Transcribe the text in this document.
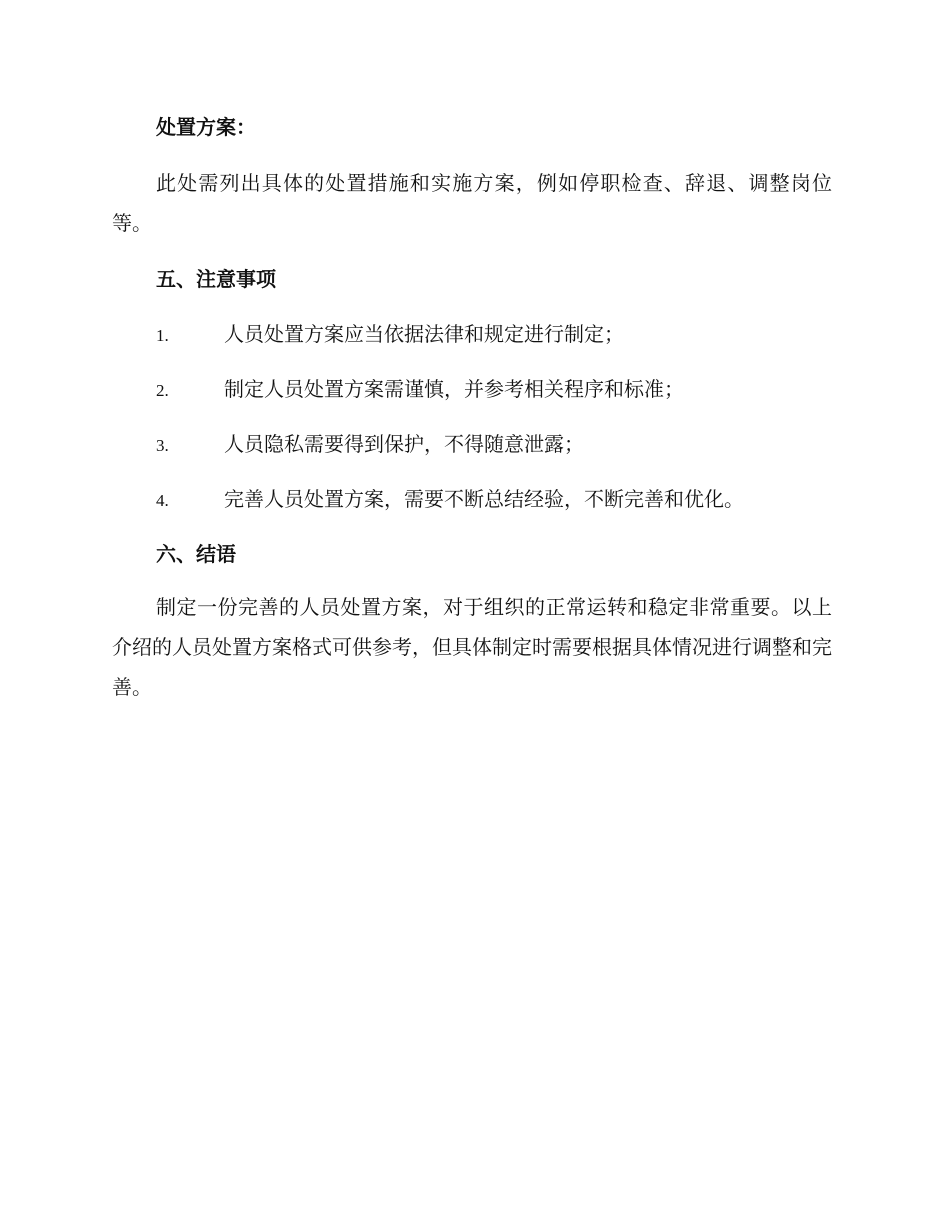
处置方案：
此处需列出具体的处置措施和实施方案，例如停职检查、辞退、调整岗位等。
五、注意事项
1.	人员处置方案应当依据法律和规定进行制定；
2.	制定人员处置方案需谨慎，并参考相关程序和标准；
3.	人员隐私需要得到保护，不得随意泄露；
4.	完善人员处置方案，需要不断总结经验，不断完善和优化。
六、结语
制定一份完善的人员处置方案，对于组织的正常运转和稳定非常重要。以上介绍的人员处置方案格式可供参考，但具体制定时需要根据具体情况进行调整和完善。
